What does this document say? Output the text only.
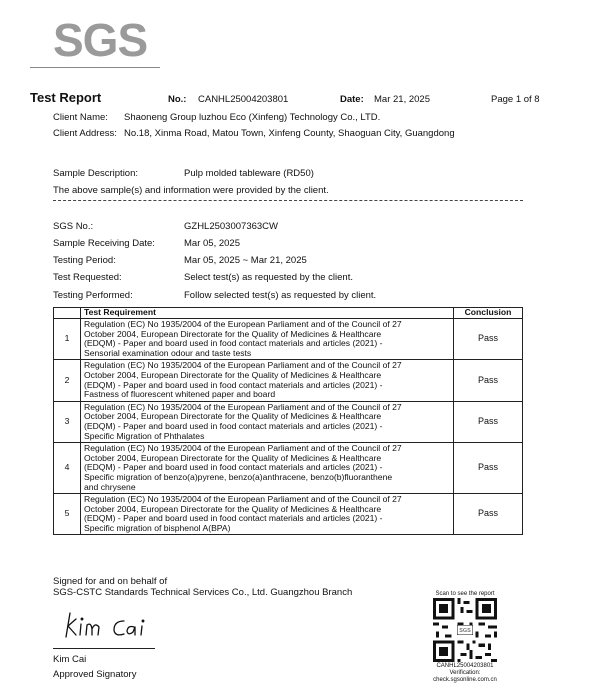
SGS
Test Report	No.: CANHL25004203801	Date: Mar 21, 2025	Page 1 of 8
Client Name: Shaoneng Group luzhou Eco (Xinfeng) Technology Co., LTD.
Client Address: No.18, Xinma Road, Matou Town, Xinfeng County, Shaoguan City, Guangdong
Sample Description:	Pulp molded tableware (RD50)
The above sample(s) and information were provided by the client.
SGS No.:	GZHL2503007363CW
Sample Receiving Date:	Mar 05, 2025
Testing Period:	Mar 05, 2025 ~ Mar 21, 2025
Test Requested:	Select test(s) as requested by the client.
Testing Performed:	Follow selected test(s) as requested by client.
	Test Requirement	Conclusion
1	Regulation (EC) No 1935/2004 of the European Parliament and of the Council of 27
October 2004, European Directorate for the Quality of Medicines & Healthcare
(EDQM) - Paper and board used in food contact materials and articles (2021) -
Sensorial examination odour and taste tests	Pass
2	Regulation (EC) No 1935/2004 of the European Parliament and of the Council of 27
October 2004, European Directorate for the Quality of Medicines & Healthcare
(EDQM) - Paper and board used in food contact materials and articles (2021) -
Fastness of fluorescent whitened paper and board	Pass
3	Regulation (EC) No 1935/2004 of the European Parliament and of the Council of 27
October 2004, European Directorate for the Quality of Medicines & Healthcare
(EDQM) - Paper and board used in food contact materials and articles (2021) -
Specific Migration of Phthalates	Pass
4	Regulation (EC) No 1935/2004 of the European Parliament and of the Council of 27
October 2004, European Directorate for the Quality of Medicines & Healthcare
(EDQM) - Paper and board used in food contact materials and articles (2021) -
Specific migration of benzo(a)pyrene, benzo(a)anthracene, benzo(b)fluoranthene
and chrysene	Pass
5	Regulation (EC) No 1935/2004 of the European Parliament and of the Council of 27
October 2004, European Directorate for the Quality of Medicines & Healthcare
(EDQM) - Paper and board used in food contact materials and articles (2021) -
Specific migration of bisphenol A(BPA)	Pass
Signed for and on behalf of
SGS-CSTC Standards Technical Services Co., Ltd. Guangzhou Branch
Kim Cai
Approved Signatory
Scan to see the report
SGS
CANHL25004203801
Verification:
check.sgsonline.com.cn
